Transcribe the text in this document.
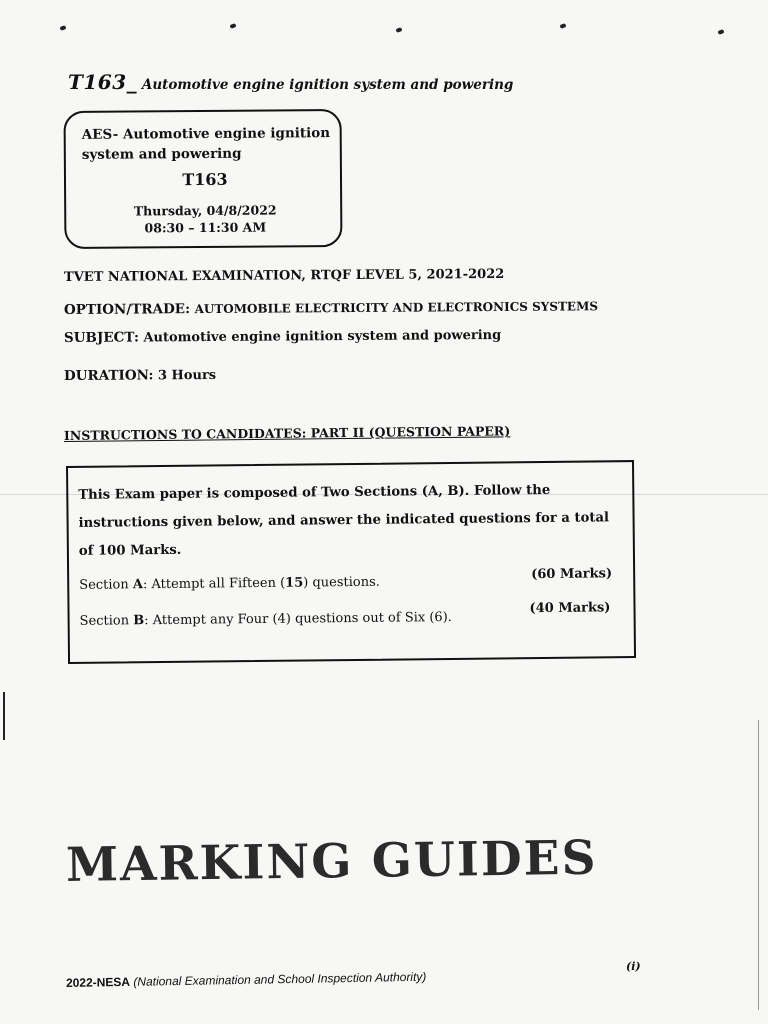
T163_ Automotive engine ignition system and powering
AES- Automotive engine ignition system and powering
T163
Thursday, 04/8/2022
08:30 – 11:30 AM
TVET NATIONAL EXAMINATION, RTQF LEVEL 5, 2021-2022
OPTION/TRADE: AUTOMOBILE ELECTRICITY AND ELECTRONICS SYSTEMS
SUBJECT: Automotive engine ignition system and powering
DURATION: 3 Hours
INSTRUCTIONS TO CANDIDATES: PART II (QUESTION PAPER)
This Exam paper is composed of Two Sections (A, B). Follow the instructions given below, and answer the indicated questions for a total of 100 Marks.
Section A: Attempt all Fifteen (15) questions.
(60 Marks)
Section B: Attempt any Four (4) questions out of Six (6).
(40 Marks)
MARKING GUIDES
(i)
2022-NESA (National Examination and School Inspection Authority)
